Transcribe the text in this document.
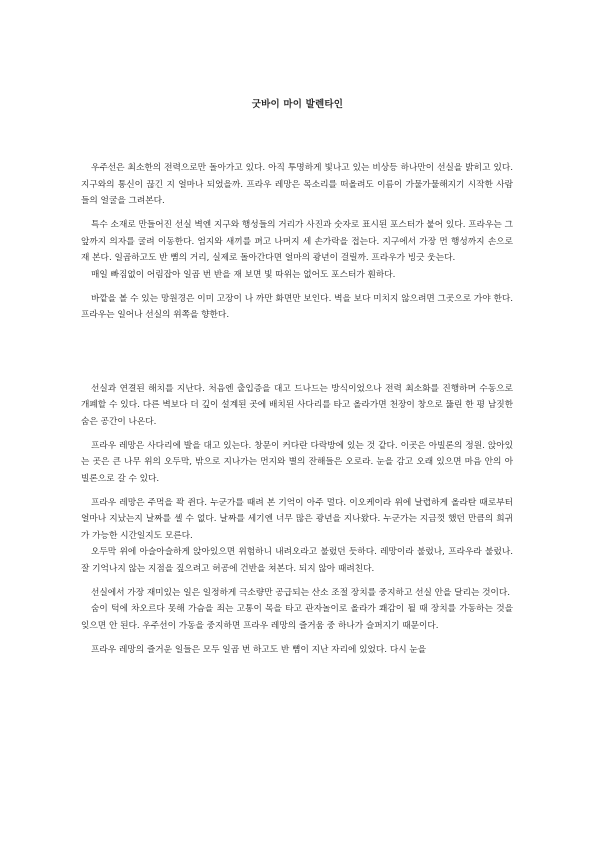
굿바이 마이 발렌타인

우주선은 최소한의 전력으로만 돌아가고 있다. 아직 투명하게 빛나고 있는 비상등 하나만이 선실을 밝히고 있다. 지구와의 통신이 끊긴 지 얼마나 되었을까. 프라우 레망은 목소리를 떠올려도 이름이 가물가물해지기 시작한 사람들의 얼굴을 그려본다.

특수 소재로 만들어진 선실 벽엔 지구와 행성들의 거리가 사진과 숫자로 표시된 포스터가 붙어 있다. 프라우는 그 앞까지 의자를 굴려 이동한다. 엄지와 새끼를 펴고 나머지 세 손가락을 접는다. 지구에서 가장 먼 행성까지 손으로 재 본다. 일곱하고도 반 뼘의 거리, 실제로 돌아간다면 얼마의 광년이 걸릴까. 프라우가 빙긋 웃는다.

매일 빠짐없이 어림잡아 일곱 번 반을 재 보면 빛 따위는 없어도 포스터가 훤하다.

바깥을 볼 수 있는 망원경은 이미 고장이 나 까만 화면만 보인다. 벽을 보다 미치지 않으려면 그곳으로 가야 한다. 프라우는 일어나 선실의 위쪽을 향한다.

선실과 연결된 해치를 지난다. 처음엔 출입증을 대고 드나드는 방식이었으나 전력 최소화를 진행하며 수동으로 개폐할 수 있다. 다른 벽보다 더 깊이 설계된 곳에 배치된 사다리를 타고 올라가면 천장이 창으로 뚫린 한 평 남짓한 숨은 공간이 나온다.

프라우 레망은 사다리에 발을 대고 있는다. 창문이 커다란 다락방에 있는 것 같다. 이곳은 아빌론의 정원. 앉아있는 곳은 큰 나무 위의 오두막, 밖으로 지나가는 먼지와 별의 잔해들은 오로라. 눈을 감고 오래 있으면 마음 안의 아빌론으로 갈 수 있다.

프라우 레망은 주먹을 꽉 쥔다. 누군가를 때려 본 기억이 아주 멀다. 이오케이라 위에 날렵하게 올라탄 때로부터 얼마나 지났는지 날짜를 셀 수 없다. 날짜를 세기엔 너무 많은 광년을 지나왔다. 누군가는 지금껏 했던 만큼의 희귀가 가능한 시간일지도 모른다.

오두막 위에 아슬아슬하게 앉아있으면 위험하니 내려오라고 불렀던 듯하다. 레망이라 불렀나, 프라우라 불렀나. 잘 기억나지 않는 지점을 짚으려고 허공에 건반을 쳐본다. 되지 않아 때려친다.

선실에서 가장 재미있는 일은 일정하게 극소량만 공급되는 산소 조절 장치를 중지하고 선실 안을 달리는 것이다.

숨이 턱에 차오르다 못해 가슴을 죄는 고통이 목을 타고 관자놀이로 올라가 쾌감이 될 때 장치를 가동하는 것을 잊으면 안 된다. 우주선이 가동을 중지하면 프라우 레망의 즐거움 중 하나가 슬퍼지기 때문이다.

프라우 레망의 즐거운 일들은 모두 일곱 번 하고도 반 뼘이 지난 자리에 있었다. 다시 눈을
